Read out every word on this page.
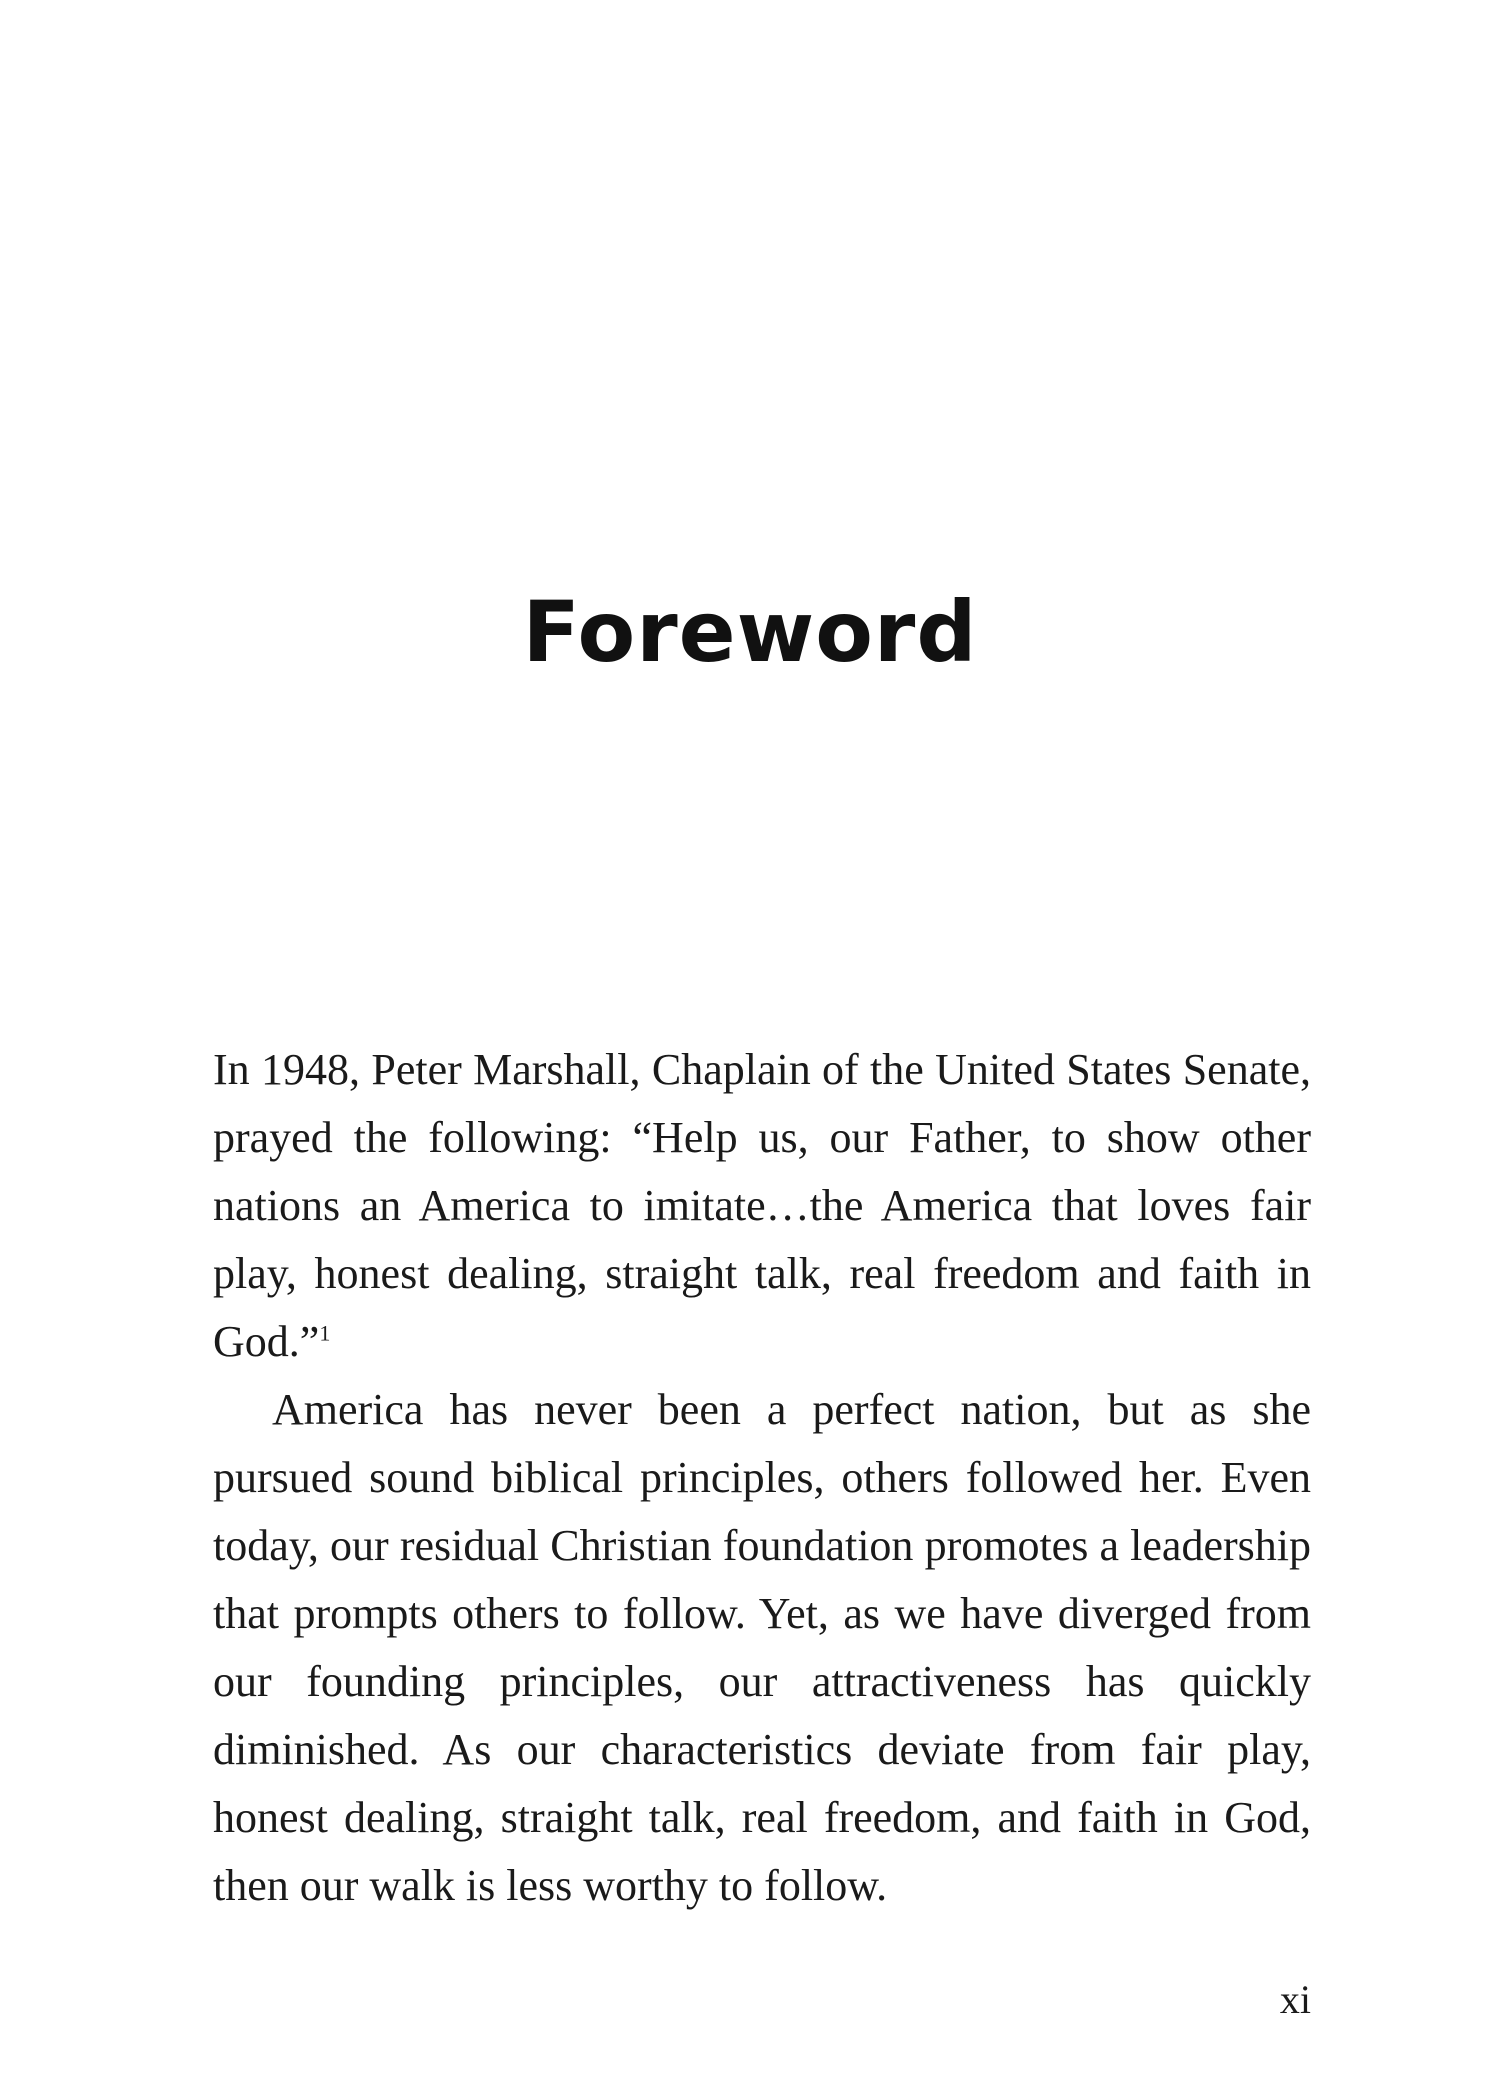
Foreword

In 1948, Peter Marshall, Chaplain of the United States Senate, prayed the following: “Help us, our Father, to show other nations an America to imitate…the America that loves fair play, honest dealing, straight talk, real freedom and faith in God.”$^1$

America has never been a perfect nation, but as she pursued sound biblical principles, others followed her. Even today, our residual Christian foundation promotes a leadership that prompts others to follow. Yet, as we have diverged from our founding principles, our attractiveness has quickly diminished. As our characteristics deviate from fair play, honest dealing, straight talk, real freedom, and faith in God, then our walk is less worthy to follow.

xi
